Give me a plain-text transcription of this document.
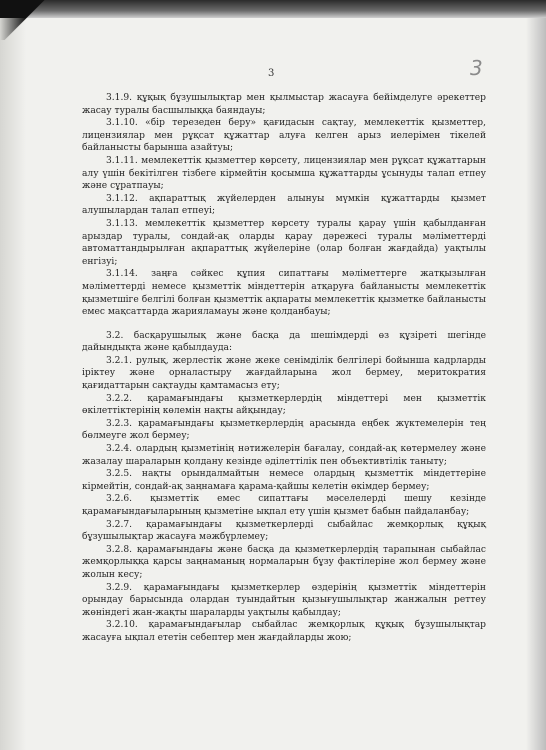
3	3

3.1.9. құқық бұзушылықтар мен қылмыстар жасауға бейімделуге әрекеттер жасау туралы басшылыққа баяндауы;

3.1.10. «бір терезеден беру» қағидасын сақтау, мемлекеттік қызметтер, лицензиялар мен рұқсат құжаттар алуға келген арыз иелерімен тікелей байланысты барынша азайтуы;

3.1.11. мемлекеттік қызметтер көрсету, лицензиялар мен рұқсат құжаттарын алу үшін бекітілген тізбеге кірмейтін қосымша құжаттарды ұсынуды талап етпеу және сұратпауы;

3.1.12. ақпараттық жүйелерден алынуы мүмкін құжаттарды қызмет алушылардан талап етпеуі;

3.1.13. мемлекеттік қызметтер көрсету туралы қарау үшін қабылданған арыздар туралы, сондай-ақ оларды қарау дәрежесі туралы мәліметтерді автоматтандырылған ақпараттық жүйелеріне (олар болған жағдайда) уақтылы енгізуі;

3.1.14. заңға сәйкес құпия сипаттағы мәліметтерге жатқызылған мәліметтерді немесе қызметтік міндеттерін атқаруға байланысты мемлекеттік қызметшіге белгілі болған қызметтік ақпараты мемлекеттік қызметке байланысты емес мақсаттарда жарияламауы және қолданбауы;

3.2. басқарушылық және басқа да шешімдерді өз құзіреті шегінде дайындықта және қабылдауда:

3.2.1. рулық, жерлестік және жеке сенімділік белгілері бойынша кадрларды іріктеу және орналастыру жағдайларына жол бермеу, меритократия қағидаттарын сақтауды қамтамасыз ету;

3.2.2. қарамағындағы қызметкерлердің міндеттері мен қызметтік өкілеттіктерінің көлемін нақты айқындау;

3.2.3. қарамағындағы қызметкерлердің арасында еңбек жүктемелерін тең бөлмеуге жол бермеу;

3.2.4. олардың қызметінің нәтижелерін бағалау, сондай-ақ көтермелеу және жазалау шараларын қолдану кезінде әділеттілік пен объективтілік таныту;

3.2.5. нақты орындалмайтын немесе олардың қызметтік міндеттеріне кірмейтін, сондай-ақ заңнамаға қарама-қайшы келетін өкімдер бермеу;

3.2.6. қызметтік емес сипаттағы мәселелерді шешу кезінде қарамағындағыларының қызметіне ықпал ету үшін қызмет бабын пайдаланбау;

3.2.7. қарамағындағы қызметкерлерді сыбайлас жемқорлық құқық бұзушылықтар жасауға мәжбүрлемеу;

3.2.8. қарамағындағы және басқа да қызметкерлердің тарапынан сыбайлас жемқорлыққа қарсы заңнаманың нормаларын бұзу фактілеріне жол бермеу және жолын кесу;

3.2.9. қарамағындағы қызметкерлер өздерінің қызметтік міндеттерін орындау барысында олардан туындайтын қызығушылықтар жанжалын реттеу жөніндегі жан-жақты шараларды уақтылы қабылдау;

3.2.10. қарамағындағылар сыбайлас жемқорлық құқық бұзушылықтар жасауға ықпал ететін себептер мен жағдайларды жою;
